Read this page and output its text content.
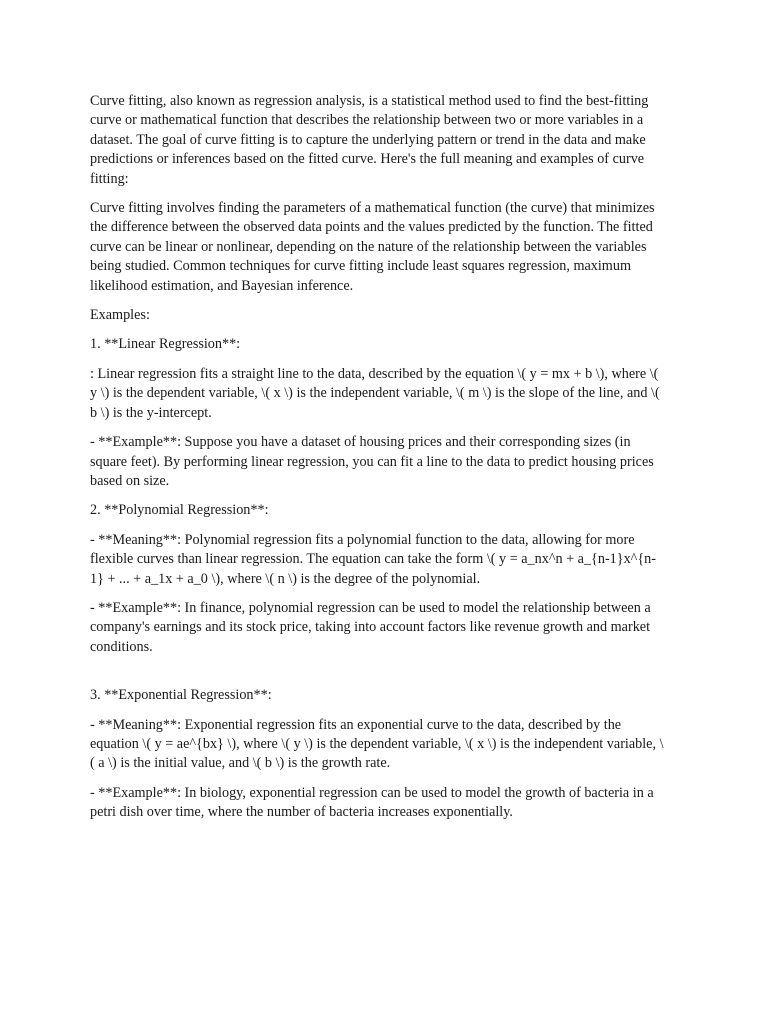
Curve fitting, also known as regression analysis, is a statistical method used to find the best-fitting curve or mathematical function that describes the relationship between two or more variables in a dataset. The goal of curve fitting is to capture the underlying pattern or trend in the data and make predictions or inferences based on the fitted curve. Here's the full meaning and examples of curve fitting:

Curve fitting involves finding the parameters of a mathematical function (the curve) that minimizes the difference between the observed data points and the values predicted by the function. The fitted curve can be linear or nonlinear, depending on the nature of the relationship between the variables being studied. Common techniques for curve fitting include least squares regression, maximum likelihood estimation, and Bayesian inference.

Examples:

1. **Linear Regression**:

: Linear regression fits a straight line to the data, described by the equation \( y = mx + b \), where \( y \) is the dependent variable, \( x \) is the independent variable, \( m \) is the slope of the line, and \( b \) is the y-intercept.

- **Example**: Suppose you have a dataset of housing prices and their corresponding sizes (in square feet). By performing linear regression, you can fit a line to the data to predict housing prices based on size.

2. **Polynomial Regression**:

- **Meaning**: Polynomial regression fits a polynomial function to the data, allowing for more flexible curves than linear regression. The equation can take the form \( y = a_nx^n + a_{n-1}x^{n-1} + ... + a_1x + a_0 \), where \( n \) is the degree of the polynomial.

- **Example**: In finance, polynomial regression can be used to model the relationship between a company's earnings and its stock price, taking into account factors like revenue growth and market conditions.

3. **Exponential Regression**:

- **Meaning**: Exponential regression fits an exponential curve to the data, described by the equation \( y = ae^{bx} \), where \( y \) is the dependent variable, \( x \) is the independent variable, \( a \) is the initial value, and \( b \) is the growth rate.

- **Example**: In biology, exponential regression can be used to model the growth of bacteria in a petri dish over time, where the number of bacteria increases exponentially.
